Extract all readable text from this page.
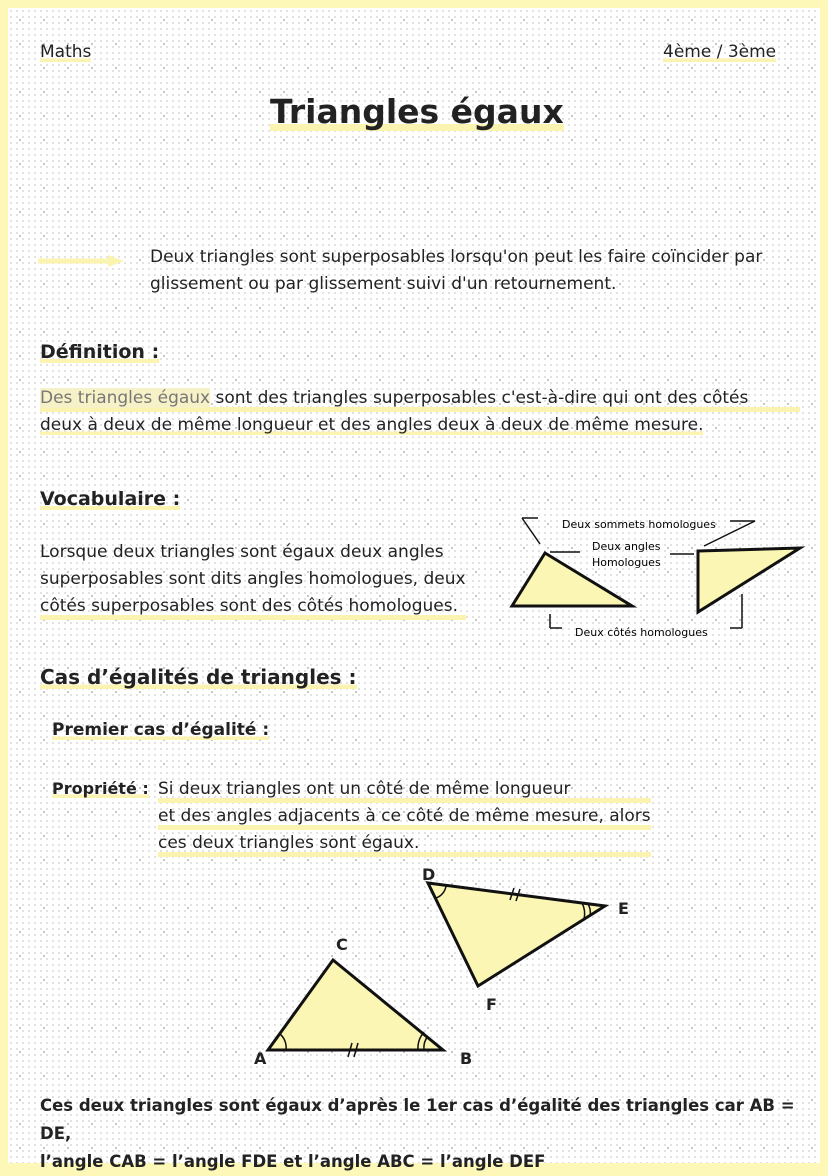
Maths	4ème / 3ème
Triangles égaux
Deux triangles sont superposables lorsqu'on peut les faire coïncider par
glissement ou par glissement suivi d'un retournement.
Définition :
Des triangles égaux sont des triangles superposables c'est-à-dire qui ont des côtés
deux à deux de même longueur et des angles deux à deux de même mesure.
Vocabulaire :
Lorsque deux triangles sont égaux deux angles
superposables sont dits angles homologues, deux
côtés superposables sont des côtés homologues.
Deux sommets homologues
Deux angles
Homologues
Deux côtés homologues
Cas d’égalités de triangles :
Premier cas d’égalité :
Propriété : Si deux triangles ont un côté de même longueur
et des angles adjacents à ce côté de même mesure, alors
ces deux triangles sont égaux.
A	B
C
D
E
F
Ces deux triangles sont égaux d’après le 1er cas d’égalité des triangles car AB = DE,
l’angle CAB = l’angle FDE et l’angle ABC = l’angle DEF
